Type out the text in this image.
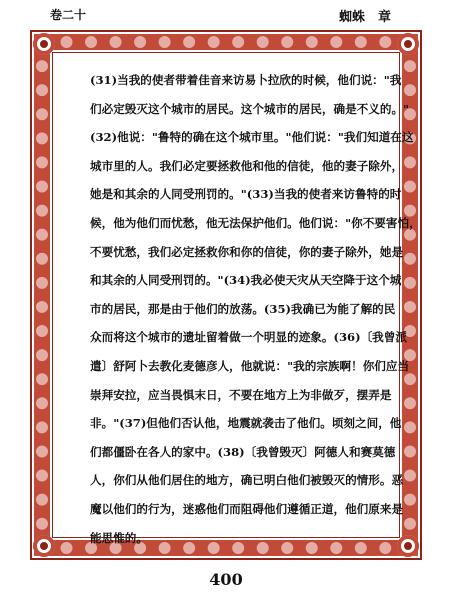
卷二十	蜘蛛　章
(31)当我的使者带着佳音来访易卜拉欣的时候，他们说："我
们必定毁灭这个城市的居民。这个城市的居民，确是不义的。"
(32)他说："鲁特的确在这个城市里。"他们说："我们知道在这
城市里的人。我们必定要拯救他和他的信徒，他的妻子除外，
她是和其余的人同受刑罚的。"(33)当我的使者来访鲁特的时
候，他为他们而忧愁，他无法保护他们。他们说："你不要害怕，
不要忧愁，我们必定拯救你和你的信徒，你的妻子除外，她是
和其余的人同受刑罚的。"(34)我必使天灾从天空降于这个城
市的居民，那是由于他们的放荡。(35)我确已为能了解的民
众而将这个城市的遗址留着做一个明显的迹象。(36)〔我曾派
遣〕舒阿卜去教化麦德彦人，他就说："我的宗族啊！你们应当
崇拜安拉，应当畏惧末日，不要在地方上为非做歹，摆弄是
非。"(37)但他们否认他，地震就袭击了他们。顷刻之间，他
们都僵卧在各人的家中。(38)〔我曾毁灭〕阿德人和赛莫德
人，你们从他们居住的地方，确已明白他们被毁灭的情形。恶
魔以他们的行为，迷惑他们而阻碍他们遵循正道，他们原来是
能思惟的。
400
